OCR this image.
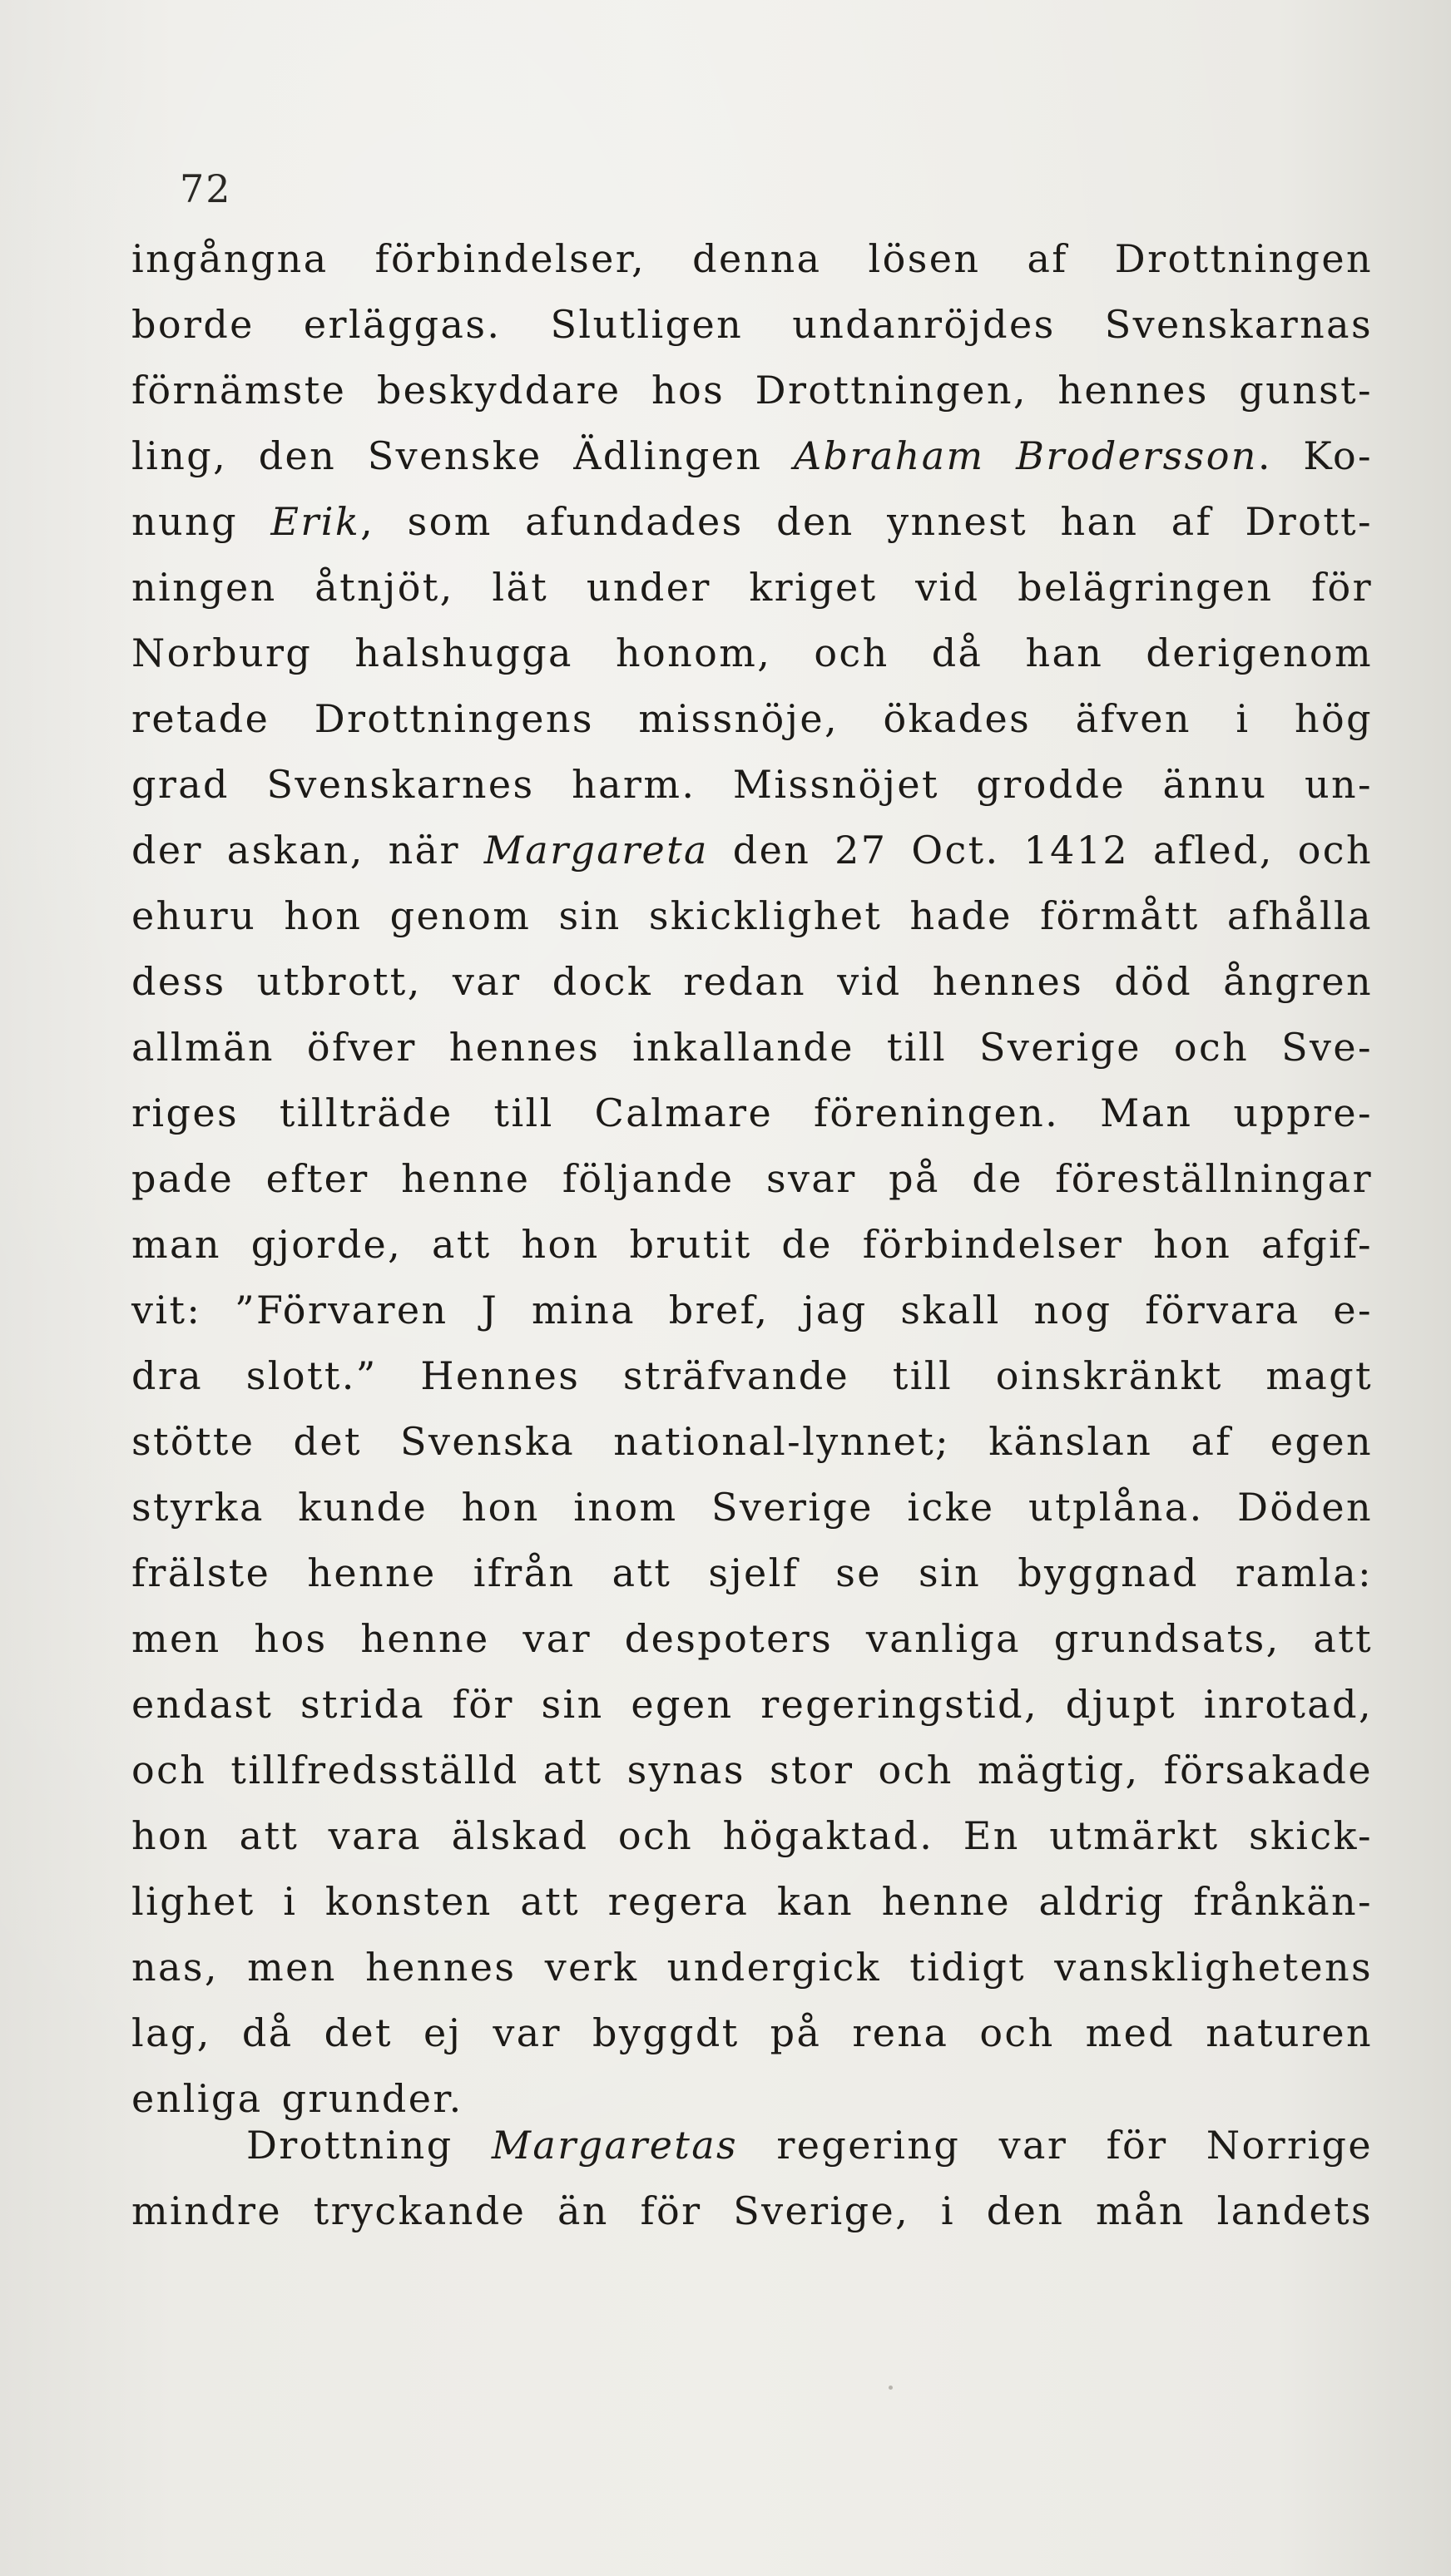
72
ingångna förbindelser, denna lösen af Drottningen
borde erläggas. Slutligen undanröjdes Svenskarnas
förnämste beskyddare hos Drottningen, hennes gunst-
ling, den Svenske Ädlingen Abraham Brodersson. Ko-
nung Erik, som afundades den ynnest han af Drott-
ningen åtnjöt, lät under kriget vid belägringen för
Norburg halshugga honom, och då han derigenom
retade Drottningens missnöje, ökades äfven i hög
grad Svenskarnes harm. Missnöjet grodde ännu un-
der askan, när Margareta den 27 Oct. 1412 afled, och
ehuru hon genom sin skicklighet hade förmått afhålla
dess utbrott, var dock redan vid hennes död ångren
allmän öfver hennes inkallande till Sverige och Sve-
riges tillträde till Calmare föreningen. Man uppre-
pade efter henne följande svar på de föreställningar
man gjorde, att hon brutit de förbindelser hon afgif-
vit: ”Förvaren J mina bref, jag skall nog förvara e-
dra slott.” Hennes sträfvande till oinskränkt magt
stötte det Svenska national-lynnet; känslan af egen
styrka kunde hon inom Sverige icke utplåna. Döden
frälste henne ifrån att sjelf se sin byggnad ramla:
men hos henne var despoters vanliga grundsats, att
endast strida för sin egen regeringstid, djupt inrotad,
och tillfredsställd att synas stor och mägtig, försakade
hon att vara älskad och högaktad. En utmärkt skick-
lighet i konsten att regera kan henne aldrig frånkän-
nas, men hennes verk undergick tidigt vansklighetens
lag, då det ej var byggdt på rena och med naturen
enliga grunder.
Drottning Margaretas regering var för Norrige
mindre tryckande än för Sverige, i den mån landets
